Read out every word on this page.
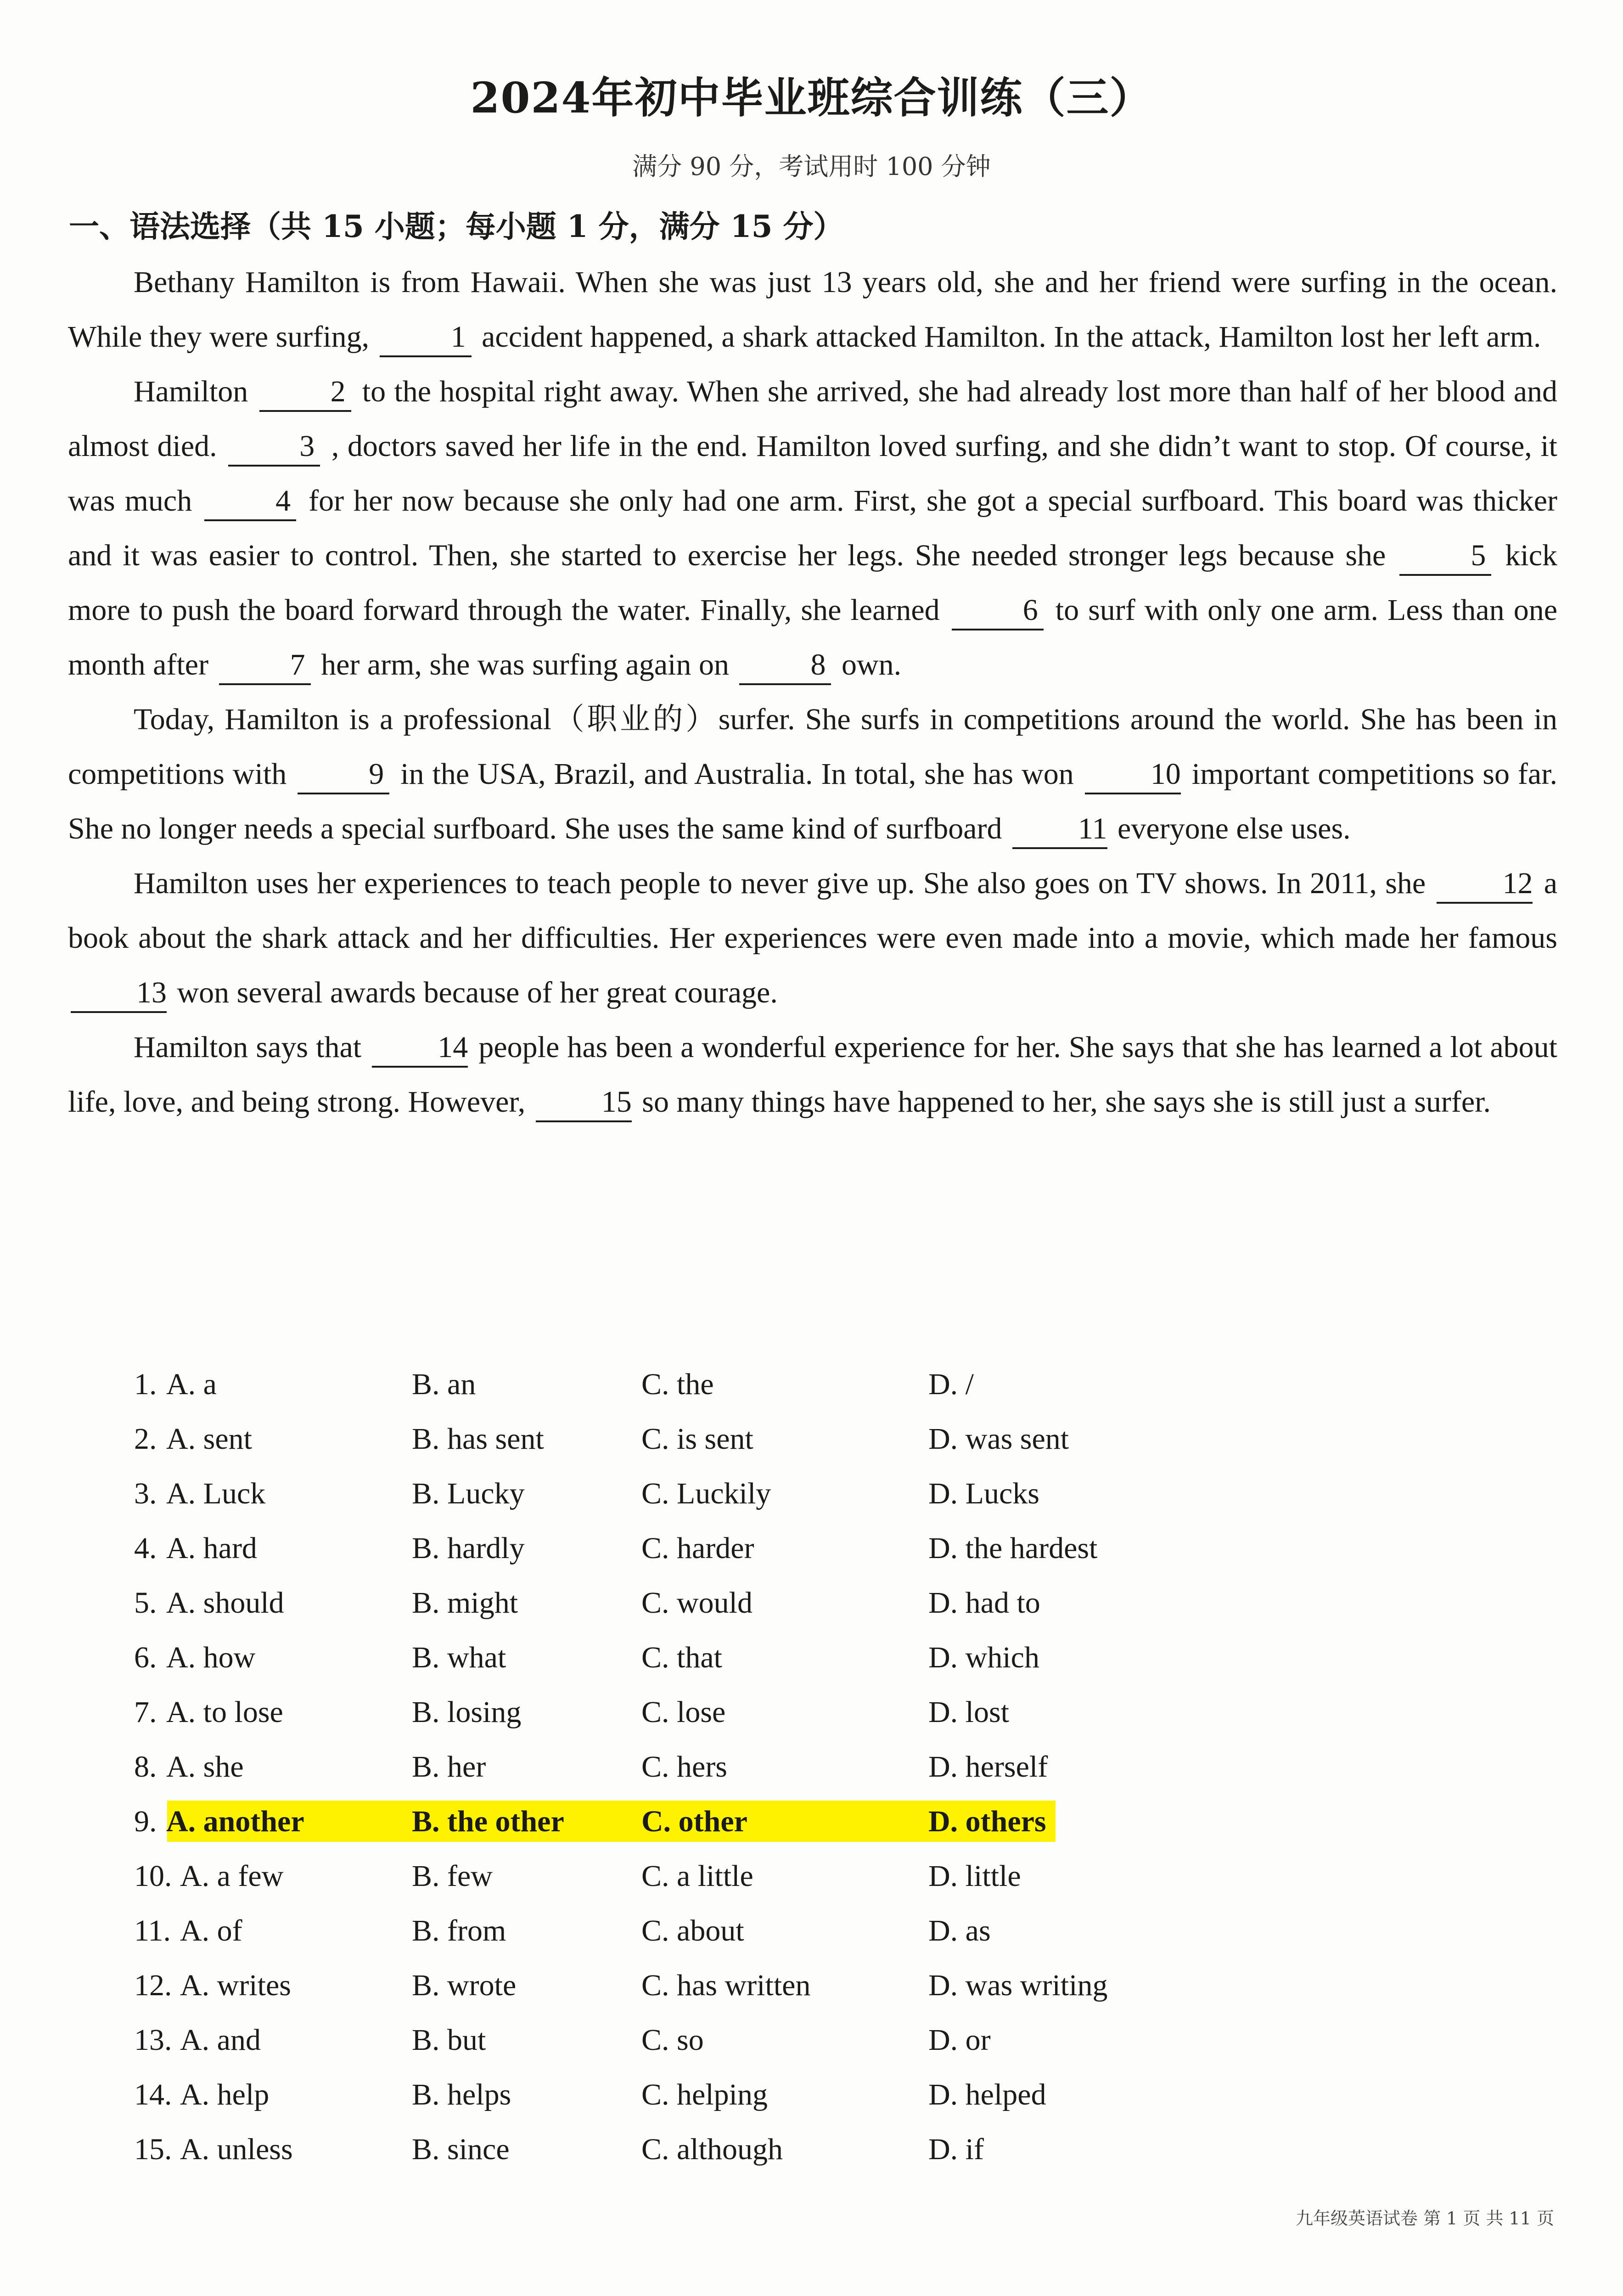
2024年初中毕业班综合训练（三）
满分 90 分，考试用时 100 分钟
一、语法选择（共 15 小题；每小题 1 分，满分 15 分）

Bethany Hamilton is from Hawaii. When she was just 13 years old, she and her friend were surfing in the ocean. While they were surfing,	1 accident happened, a shark attacked Hamilton. In the attack, Hamilton lost her left arm.

Hamilton	2 to the hospital right away. When she arrived, she had already lost more than half of her blood and almost died.	3 , doctors saved her life in the end. Hamilton loved surfing, and she didn’t want to stop. Of course, it was much	4 for her now because she only had one arm. First, she got a special surfboard. This board was thicker and it was easier to control. Then, she started to exercise her legs. She needed stronger legs because she	5 kick more to push the board forward through the water. Finally, she learned	6 to surf with only one arm. Less than one month after	7 her arm, she was surfing again on	8 own.

Today, Hamilton is a professional（职业的）surfer. She surfs in competitions around the world. She has been in competitions with	9 in the USA, Brazil, and Australia. In total, she has won	10 important competitions so far. She no longer needs a special surfboard. She uses the same kind of surfboard	11 everyone else uses.

Hamilton uses her experiences to teach people to never give up. She also goes on TV shows. In 2011, she	12 a book about the shark attack and her difficulties. Her experiences were even made into a movie, which made her famous 13 won several awards because of her great courage.

Hamilton says that	14 people has been a wonderful experience for her. She says that she has learned a lot about life, love, and being strong. However,	15 so many things have happened to her, she says she is still just a surfer.

1. A. a	B. an	C. the	D. /
2. A. sent	B. has sent	C. is sent	D. was sent
3. A. Luck	B. Lucky	C. Luckily	D. Lucks
4. A. hard	B. hardly	C. harder	D. the hardest
5. A. should	B. might	C. would	D. had to
6. A. how	B. what	C. that	D. which
7. A. to lose	B. losing	C. lose	D. lost
8. A. she	B. her	C. hers	D. herself
9. A. another	B. the other	C. other	D. others
10. A. a few	B. few	C. a little	D. little
11. A. of	B. from	C. about	D. as
12. A. writes	B. wrote	C. has written	D. was writing
13. A. and	B. but	C. so	D. or
14. A. help	B. helps	C. helping	D. helped
15. A. unless	B. since	C. although	D. if
九年级英语试卷 第 1 页 共 11 页
